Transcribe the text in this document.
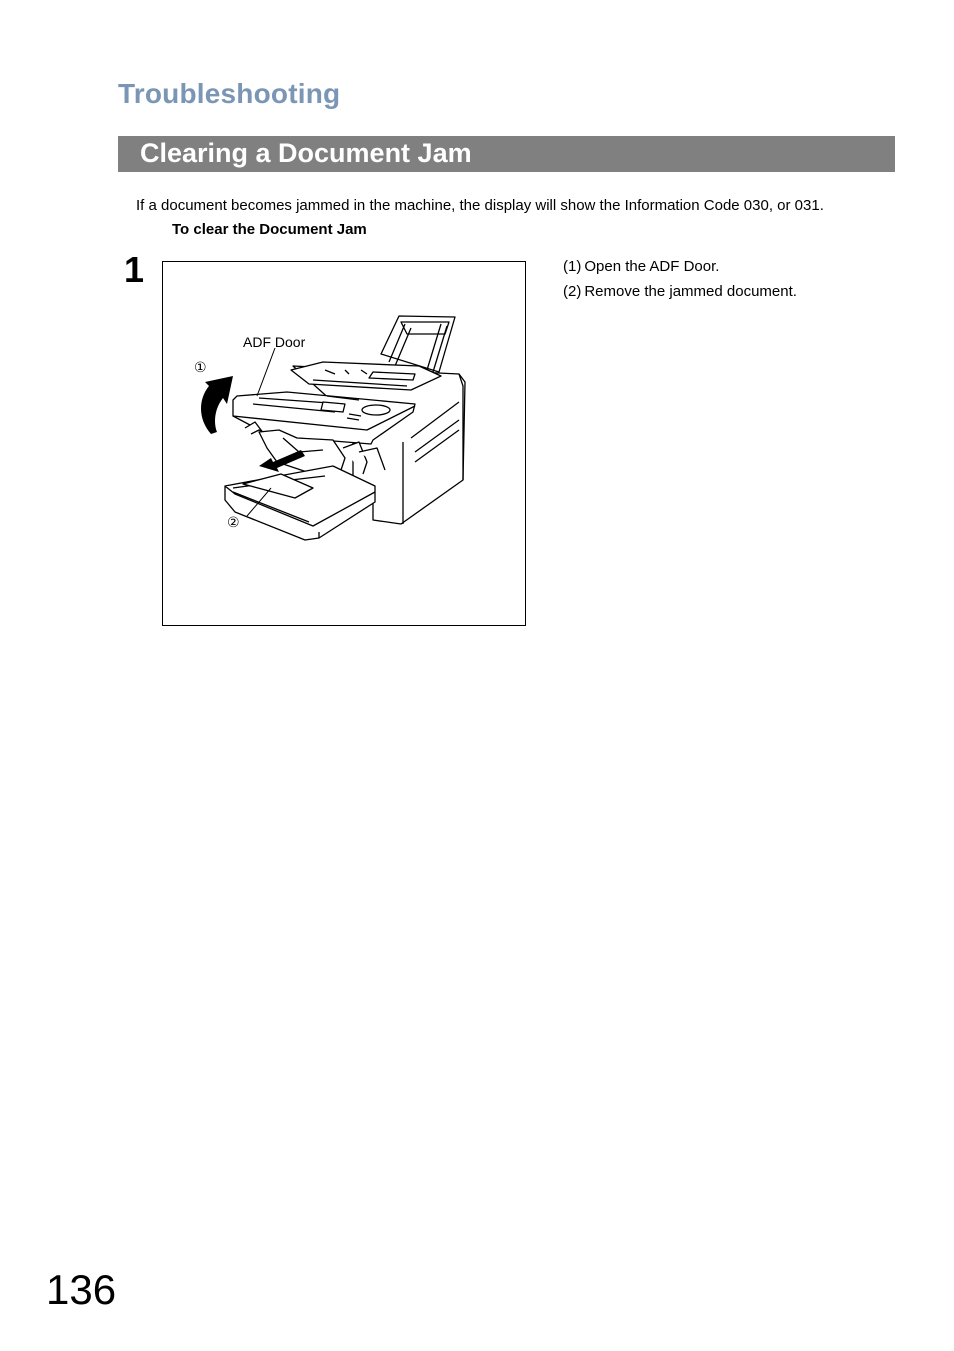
Troubleshooting
Clearing a Document Jam
If a document becomes jammed in the machine, the display will show the Information Code 030, or 031.
To clear the Document Jam
1
ADF Door
①
②
(1) Open the ADF Door.
(2) Remove the jammed document.
136
